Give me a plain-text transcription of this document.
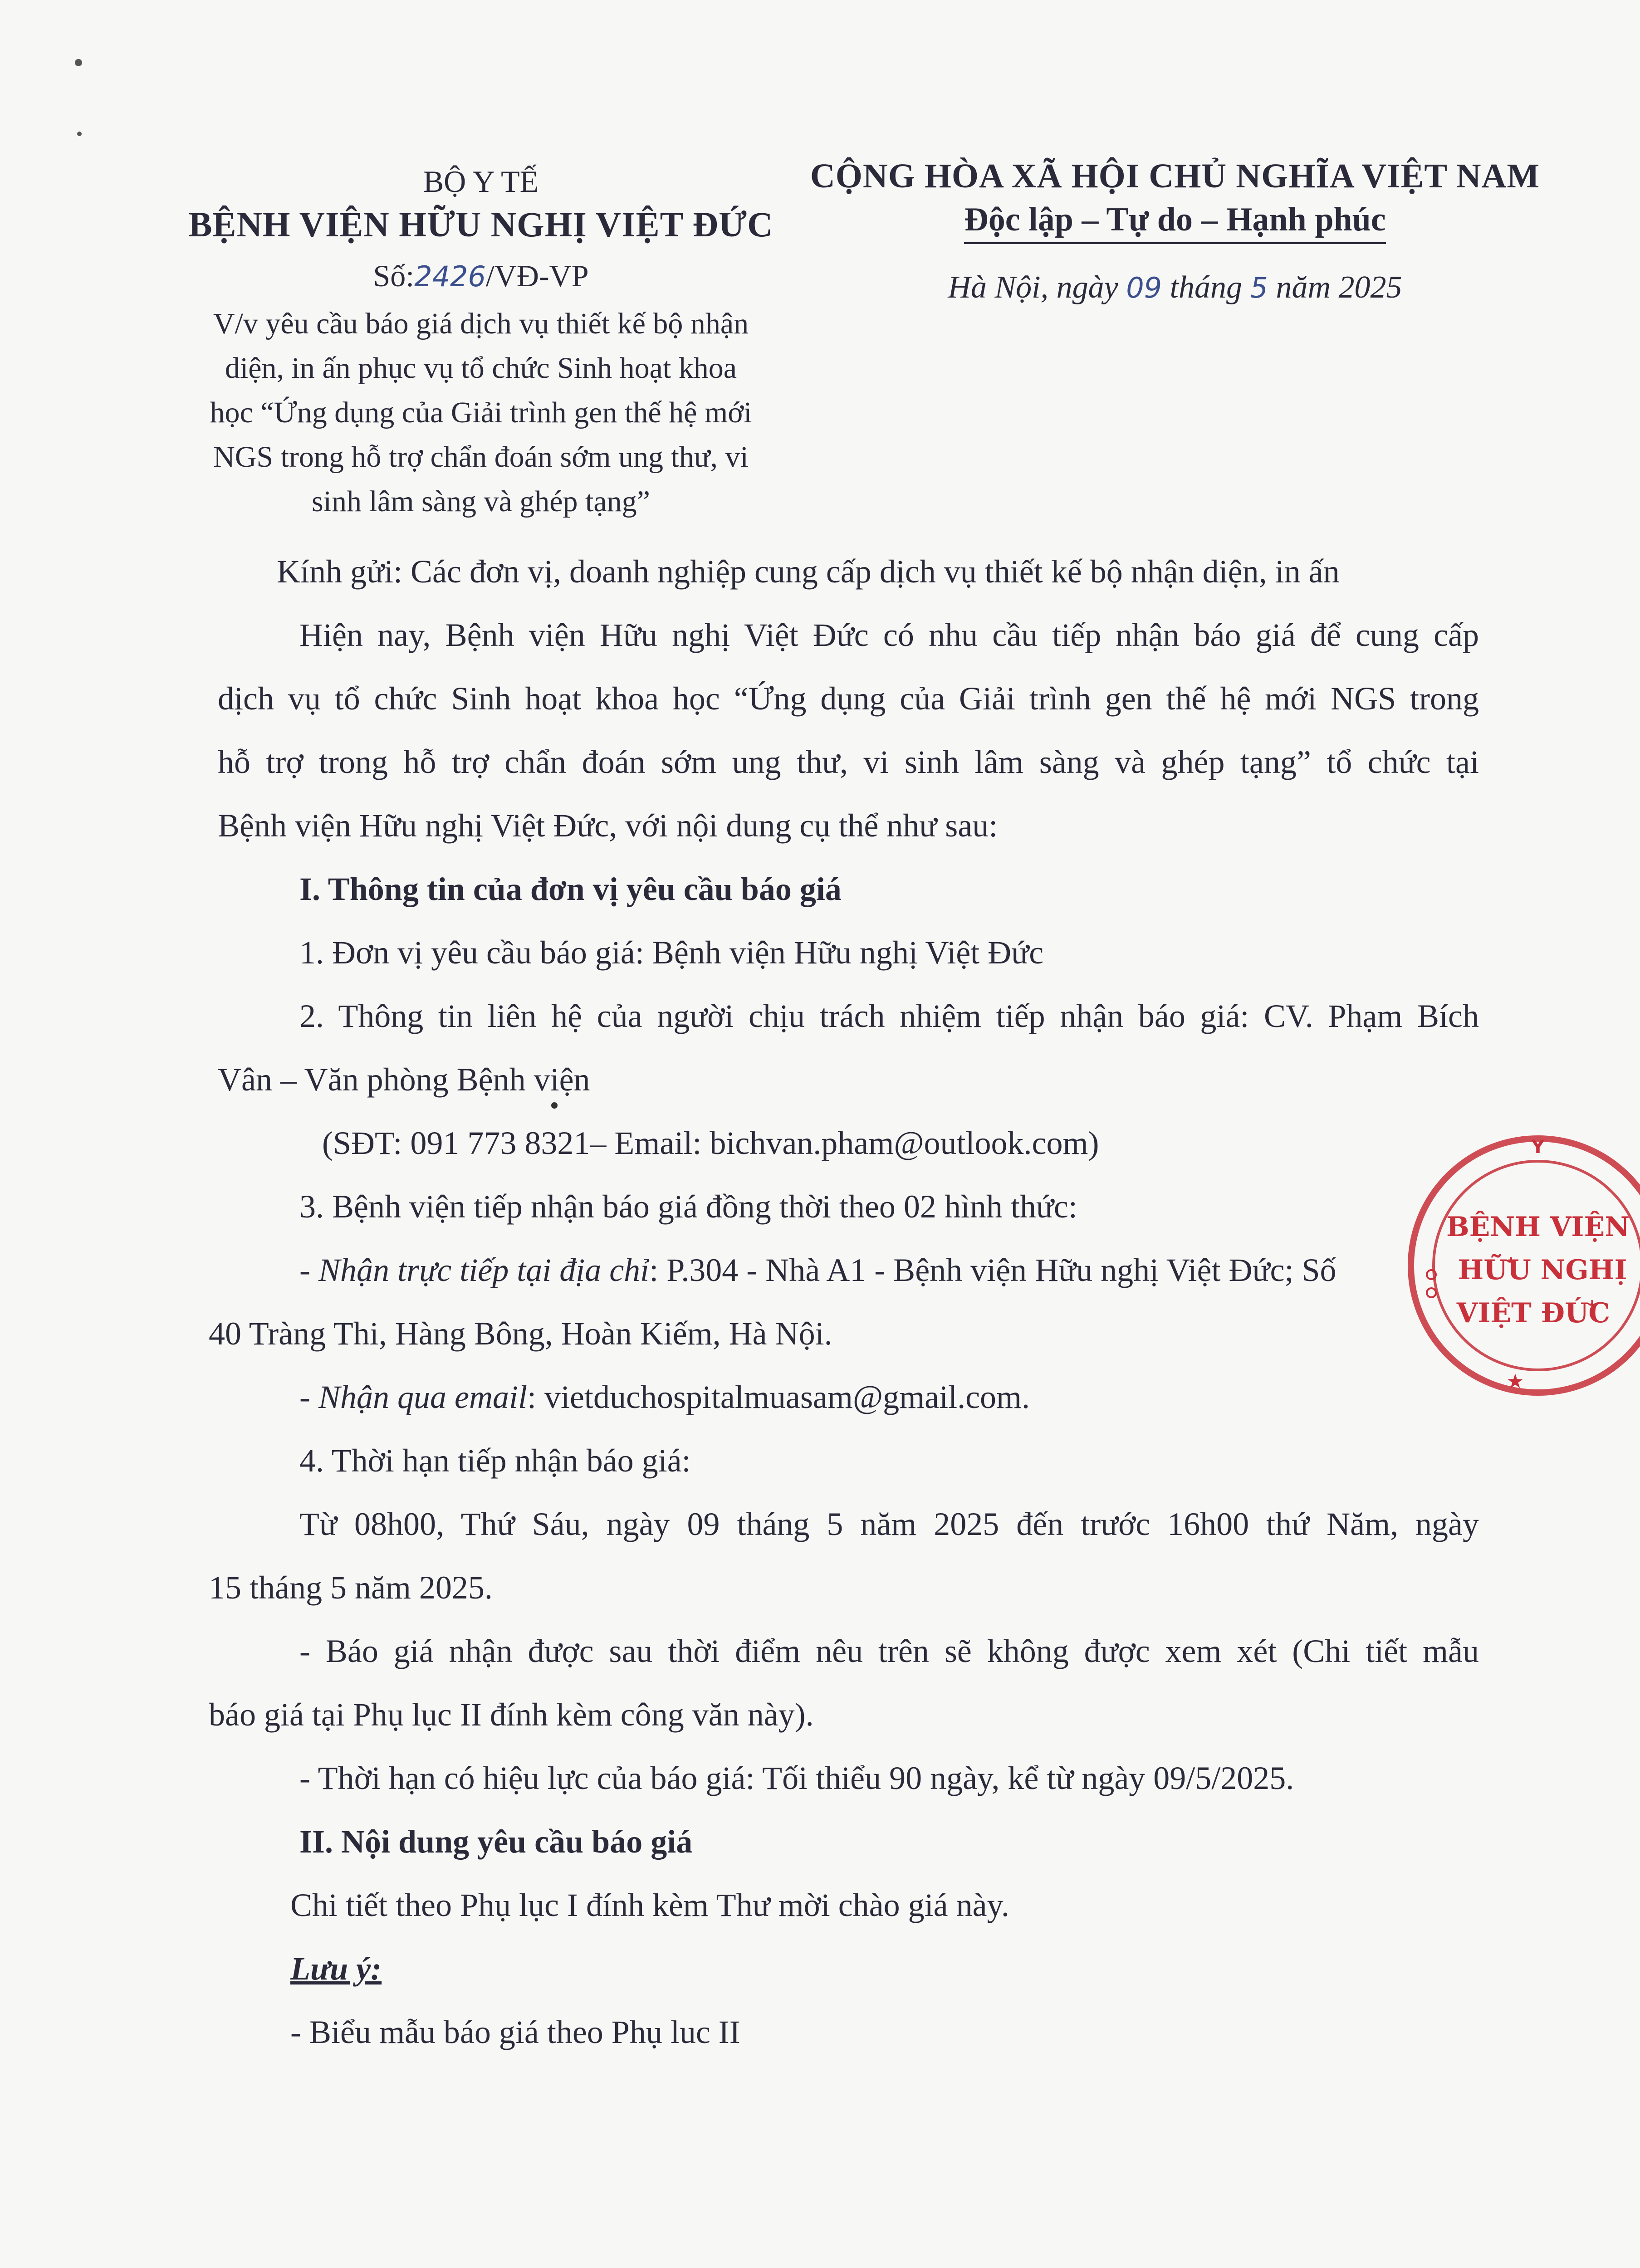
BỘ Y TẾ
BỆNH VIỆN HỮU NGHỊ VIỆT ĐỨC
Số:2426/VĐ-VP
V/v yêu cầu báo giá dịch vụ thiết kế bộ nhận
diện, in ấn phục vụ tổ chức Sinh hoạt khoa
học “Ứng dụng của Giải trình gen thế hệ mới
NGS trong hỗ trợ chẩn đoán sớm ung thư, vi
sinh lâm sàng và ghép tạng”
CỘNG HÒA XÃ HỘI CHỦ NGHĨA VIỆT NAM
Độc lập – Tự do – Hạnh phúc
Hà Nội, ngày 09 tháng 5 năm 2025
Kính gửi: Các đơn vị, doanh nghiệp cung cấp dịch vụ thiết kế bộ nhận diện, in ấn
Hiện nay, Bệnh viện Hữu nghị Việt Đức có nhu cầu tiếp nhận báo giá để cung cấp
dịch vụ tổ chức Sinh hoạt khoa học “Ứng dụng của Giải trình gen thế hệ mới NGS trong
hỗ trợ trong hỗ trợ chẩn đoán sớm ung thư, vi sinh lâm sàng và ghép tạng” tổ chức tại
Bệnh viện Hữu nghị Việt Đức, với nội dung cụ thể như sau:
I. Thông tin của đơn vị yêu cầu báo giá
1. Đơn vị yêu cầu báo giá: Bệnh viện Hữu nghị Việt Đức
2. Thông tin liên hệ của người chịu trách nhiệm tiếp nhận báo giá: CV. Phạm Bích
Vân – Văn phòng Bệnh viện
(SĐT: 091 773 8321– Email: bichvan.pham@outlook.com)
3. Bệnh viện tiếp nhận báo giá đồng thời theo 02 hình thức:
- Nhận trực tiếp tại địa chỉ: P.304 - Nhà A1 - Bệnh viện Hữu nghị Việt Đức; Số
40 Tràng Thi, Hàng Bông, Hoàn Kiếm, Hà Nội.
- Nhận qua email: vietduchospitalmuasam@gmail.com.
4. Thời hạn tiếp nhận báo giá:
Từ 08h00, Thứ Sáu, ngày 09 tháng 5 năm 2025 đến trước 16h00 thứ Năm, ngày
15 tháng 5 năm 2025.
- Báo giá nhận được sau thời điểm nêu trên sẽ không được xem xét (Chi tiết mẫu
báo giá tại Phụ lục II đính kèm công văn này).
- Thời hạn có hiệu lực của báo giá: Tối thiểu 90 ngày, kể từ ngày 09/5/2025.
II. Nội dung yêu cầu báo giá
Chi tiết theo Phụ lục I đính kèm Thư mời chào giá này.
Lưu ý:
- Biểu mẫu báo giá theo Phụ luc II
Y
★
BỆNH VIỆN
HỮU NGHỊ
VIỆT ĐỨC
